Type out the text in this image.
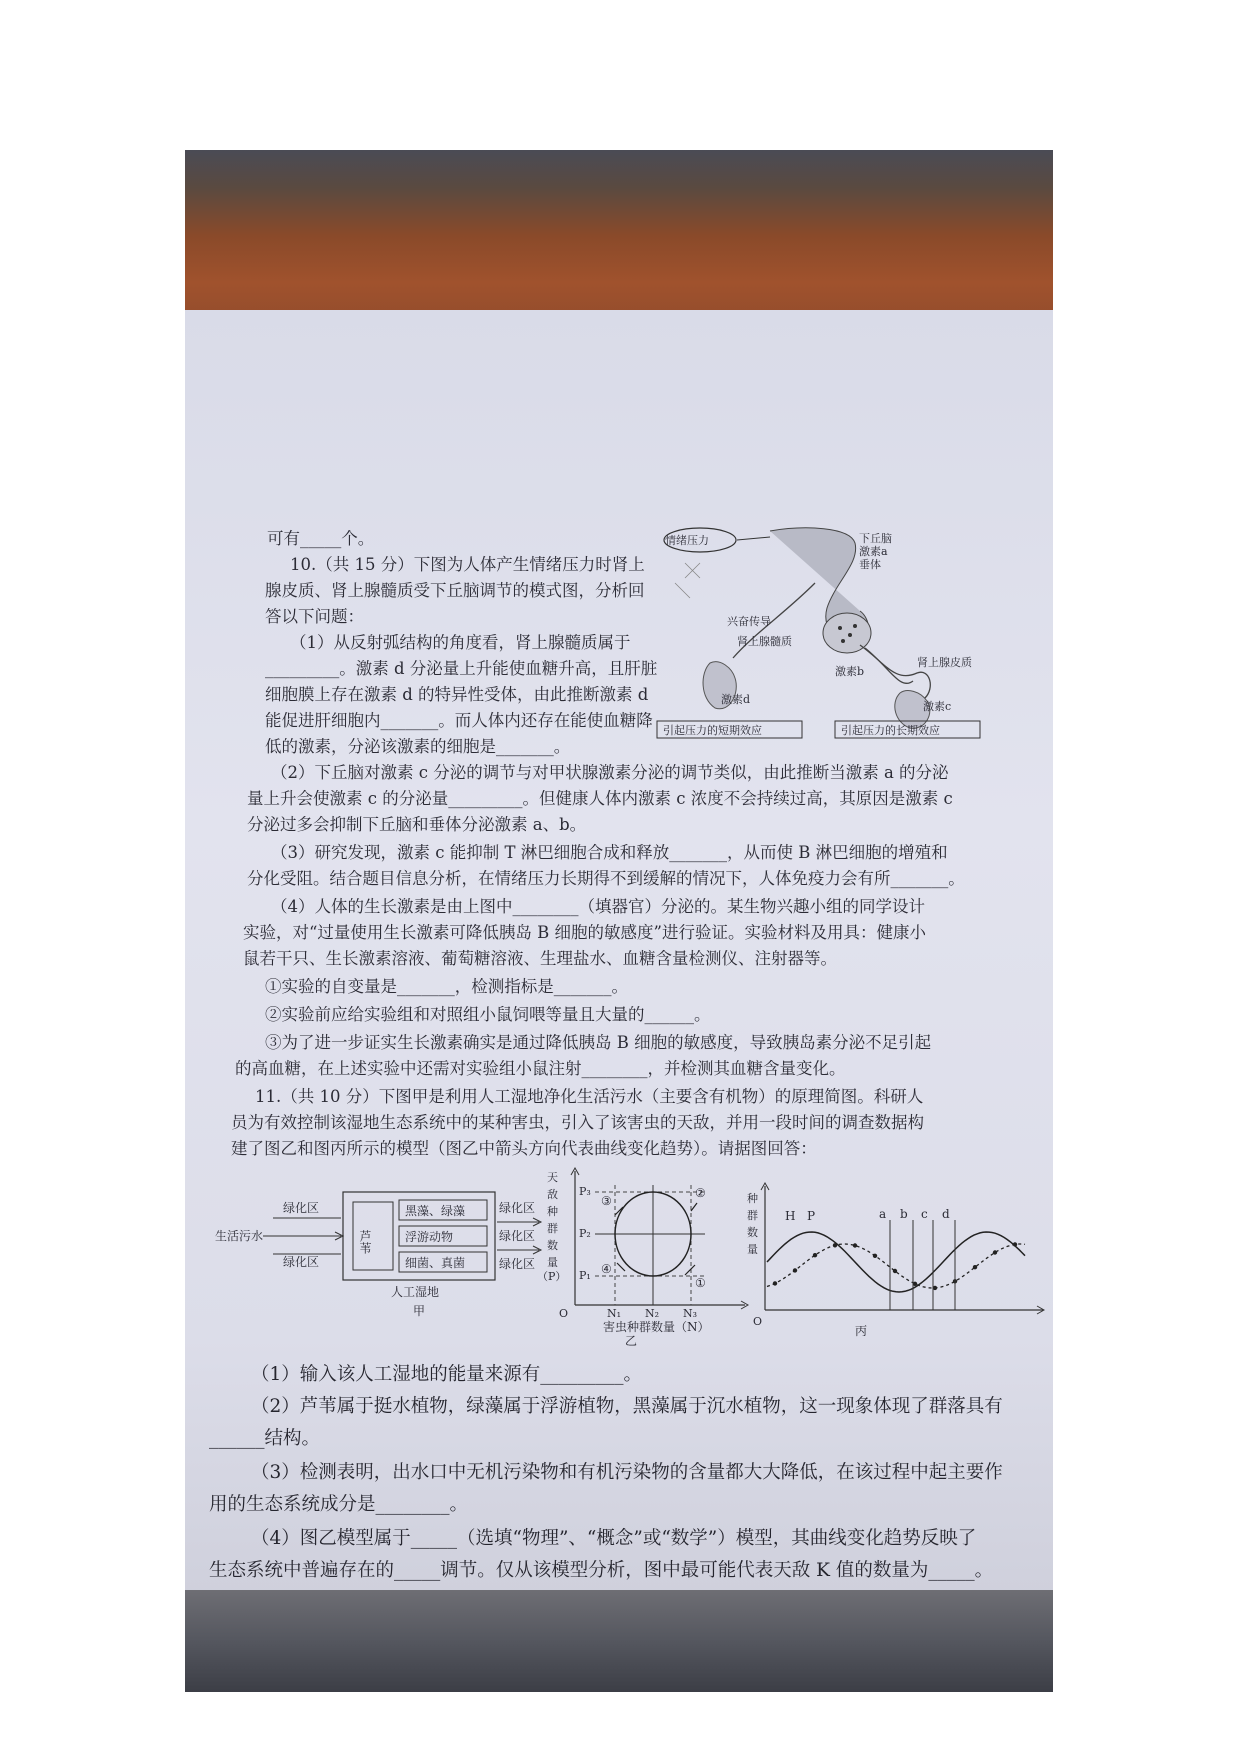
可有_____个。
10.（共 15 分）下图为人体产生情绪压力时肾上
腺皮质、肾上腺髓质受下丘脑调节的模式图，分析回
答以下问题：
（1）从反射弧结构的角度看，肾上腺髓质属于
_________。激素 d 分泌量上升能使血糖升高，且肝脏
细胞膜上存在激素 d 的特异性受体，由此推断激素 d
能促进肝细胞内_______。而人体内还存在能使血糖降
低的激素，分泌该激素的细胞是_______。
下丘脑
激素a
垂体
兴奋传导
肾上腺髓质
激素b
肾上腺皮质
激素d
激素c
引起压力的短期效应	引起压力的长期效应
情绪压力
（2）下丘脑对激素 c 分泌的调节与对甲状腺激素分泌的调节类似，由此推断当激素 a 的分泌
量上升会使激素 c 的分泌量_________。但健康人体内激素 c 浓度不会持续过高，其原因是激素 c
分泌过多会抑制下丘脑和垂体分泌激素 a、b。
（3）研究发现，激素 c 能抑制 T 淋巴细胞合成和释放_______，从而使 B 淋巴细胞的增殖和
分化受阻。结合题目信息分析，在情绪压力长期得不到缓解的情况下，人体免疫力会有所_______。
（4）人体的生长激素是由上图中________（填器官）分泌的。某生物兴趣小组的同学设计
实验，对“过量使用生长激素可降低胰岛 B 细胞的敏感度”进行验证。实验材料及用具：健康小
鼠若干只、生长激素溶液、葡萄糖溶液、生理盐水、血糖含量检测仪、注射器等。
①实验的自变量是_______，检测指标是_______。
②实验前应给实验组和对照组小鼠饲喂等量且大量的______。
③为了进一步证实生长激素确实是通过降低胰岛 B 细胞的敏感度，导致胰岛素分泌不足引起
的高血糖，在上述实验中还需对实验组小鼠注射________，并检测其血糖含量变化。
11.（共 10 分）下图甲是利用人工湿地净化生活污水（主要含有机物）的原理简图。科研人
员为有效控制该湿地生态系统中的某种害虫，引入了该害虫的天敌，并用一段时间的调查数据构
建了图乙和图丙所示的模型（图乙中箭头方向代表曲线变化趋势）。请据图回答：
芦苇
黑藻、绿藻
浮游动物
细菌、真菌
生活污水
绿化区
绿化区
绿化区
绿化区
绿化区
人工湿地
甲
天
敌
种
群
数
量
P₃
P₂
P₁
N₁ N₂ N₃
O
①
②
③
④
害虫种群数量（N）
乙
（P）
种
群
数
量
a b c d
H P
O
丙
（1）输入该人工湿地的能量来源有_________。
（2）芦苇属于挺水植物，绿藻属于浮游植物，黑藻属于沉水植物，这一现象体现了群落具有
______结构。
（3）检测表明，出水口中无机污染物和有机污染物的含量都大大降低，在该过程中起主要作
用的生态系统成分是________。
（4）图乙模型属于_____（选填“物理”、“概念”或“数学”）模型，其曲线变化趋势反映了
生态系统中普遍存在的_____调节。仅从该模型分析，图中最可能代表天敌 K 值的数量为_____。
